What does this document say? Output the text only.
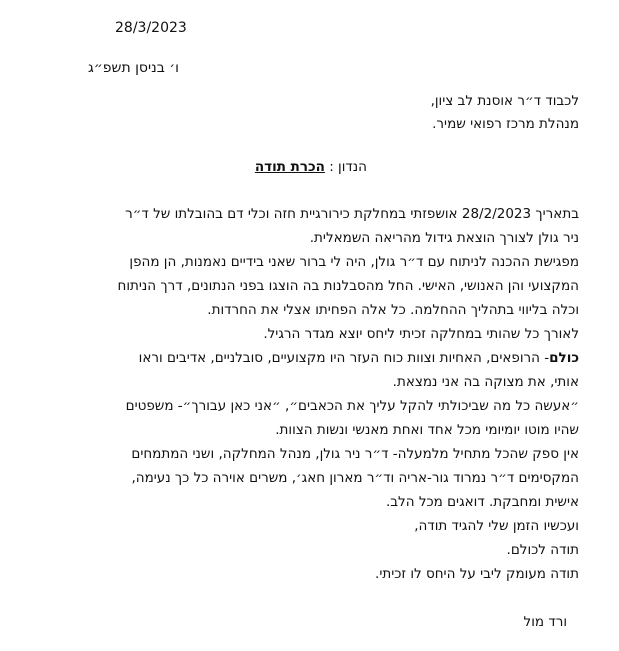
28/3/2023
ו׳ בניסן תשפ״ג
לכבוד ד״ר אוסנת לב ציון,
מנהלת מרכז רפואי שמיר.
הנדון : הכרת תודה
בתאריך 28/2/2023 אושפזתי במחלקת כירורגיית חזה וכלי דם בהובלתו של ד״ר
ניר גולן לצורך הוצאת גידול מהריאה השמאלית.
מפגישת ההכנה לניתוח עם ד״ר גולן, היה לי ברור שאני בידיים נאמנות, הן מהפן
המקצועי והן האנושי, האישי. החל מהסבלנות בה הוצגו בפני הנתונים, דרך הניתוח
וכלה בליווי בתהליך ההחלמה. כל אלה הפחיתו אצלי את החרדות.
לאורך כל שהותי במחלקה זכיתי ליחס יוצא מגדר הרגיל.
כולם- הרופאים, האחיות וצוות כוח העזר היו מקצועיים, סובלניים, אדיבים וראו
אותי, את מצוקה בה אני נמצאת.
״אעשה כל מה שביכולתי להקל עליך את הכאבים״, ״אני כאן עבורך״- משפטים
שהיו מוטו יומיומי מכל אחד ואחת מאנשי ונשות הצוות.
אין ספק שהכל מתחיל מלמעלה- ד״ר ניר גולן, מנהל המחלקה, ושני המתמחים
המקסימים ד״ר נמרוד גור-אריה וד״ר מארון חאג׳, משרים אוירה כל כך נעימה,
אישית ומחבקת. דואגים מכל הלב.
ועכשיו הזמן שלי להגיד תודה,
תודה לכולם.
תודה מעומק ליבי על היחס לו זכיתי.
ורד מול
